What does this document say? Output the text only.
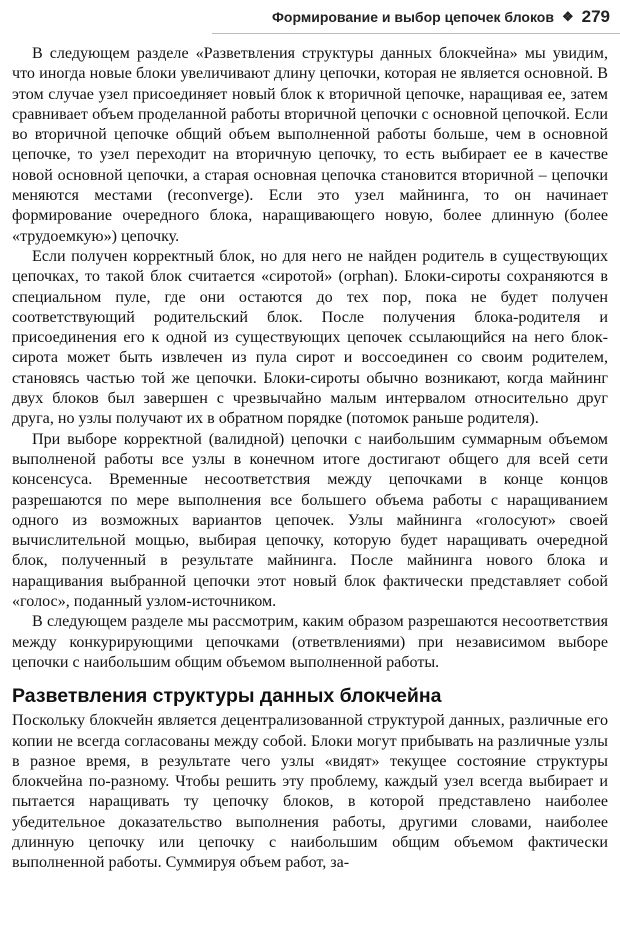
Формирование и выбор цепочек блоков ❖ 279

В следующем разделе «Разветвления структуры данных блокчейна» мы увидим, что иногда новые блоки увеличивают длину цепочки, которая не является основной. В этом случае узел присоединяет новый блок к вторичной цепочке, наращивая ее, затем сравнивает объем проделанной работы вторичной цепочки с основной цепочкой. Если во вторичной цепочке общий объем выполненной работы больше, чем в основной цепочке, то узел переходит на вторичную цепочку, то есть выбирает ее в качестве новой основной цепочки, а старая основная цепочка становится вторичной – цепочки меняются местами (reconverge). Если это узел майнинга, то он начинает формирование очередного блока, наращивающего новую, более длинную (более «трудоемкую») цепочку.

Если получен корректный блок, но для него не найден родитель в существующих цепочках, то такой блок считается «сиротой» (orphan). Блоки-сироты сохраняются в специальном пуле, где они остаются до тех пор, пока не будет получен соответствующий родительский блок. После получения блока-родителя и присоединения его к одной из существующих цепочек ссылающийся на него блок-сирота может быть извлечен из пула сирот и воссоединен со своим родителем, становясь частью той же цепочки. Блоки-сироты обычно возникают, когда майнинг двух блоков был завершен с чрезвычайно малым интервалом относительно друг друга, но узлы получают их в обратном порядке (потомок раньше родителя).

При выборе корректной (валидной) цепочки с наибольшим суммарным объемом выполненой работы все узлы в конечном итоге достигают общего для всей сети консенсуса. Временные несоответствия между цепочками в конце концов разрешаются по мере выполнения все большего объема работы с наращиванием одного из возможных вариантов цепочек. Узлы майнинга «голосуют» своей вычислительной мощью, выбирая цепочку, которую будет наращивать очередной блок, полученный в результате майнинга. После майнинга нового блока и наращивания выбранной цепочки этот новый блок фактически представляет собой «голос», поданный узлом-источником.

В следующем разделе мы рассмотрим, каким образом разрешаются несоответствия между конкурирующими цепочками (ответвлениями) при независимом выборе цепочки с наибольшим общим объемом выполненной работы.

Разветвления структуры данных блокчейна

Поскольку блокчейн является децентрализованной структурой данных, различные его копии не всегда согласованы между собой. Блоки могут прибывать на различные узлы в разное время, в результате чего узлы «видят» текущее состояние структуры блокчейна по-разному. Чтобы решить эту проблему, каждый узел всегда выбирает и пытается наращивать ту цепочку блоков, в которой представлено наиболее убедительное доказательство выполнения работы, другими словами, наиболее длинную цепочку или цепочку с наибольшим общим объемом фактически выполненной работы. Суммируя объем работ, за-
